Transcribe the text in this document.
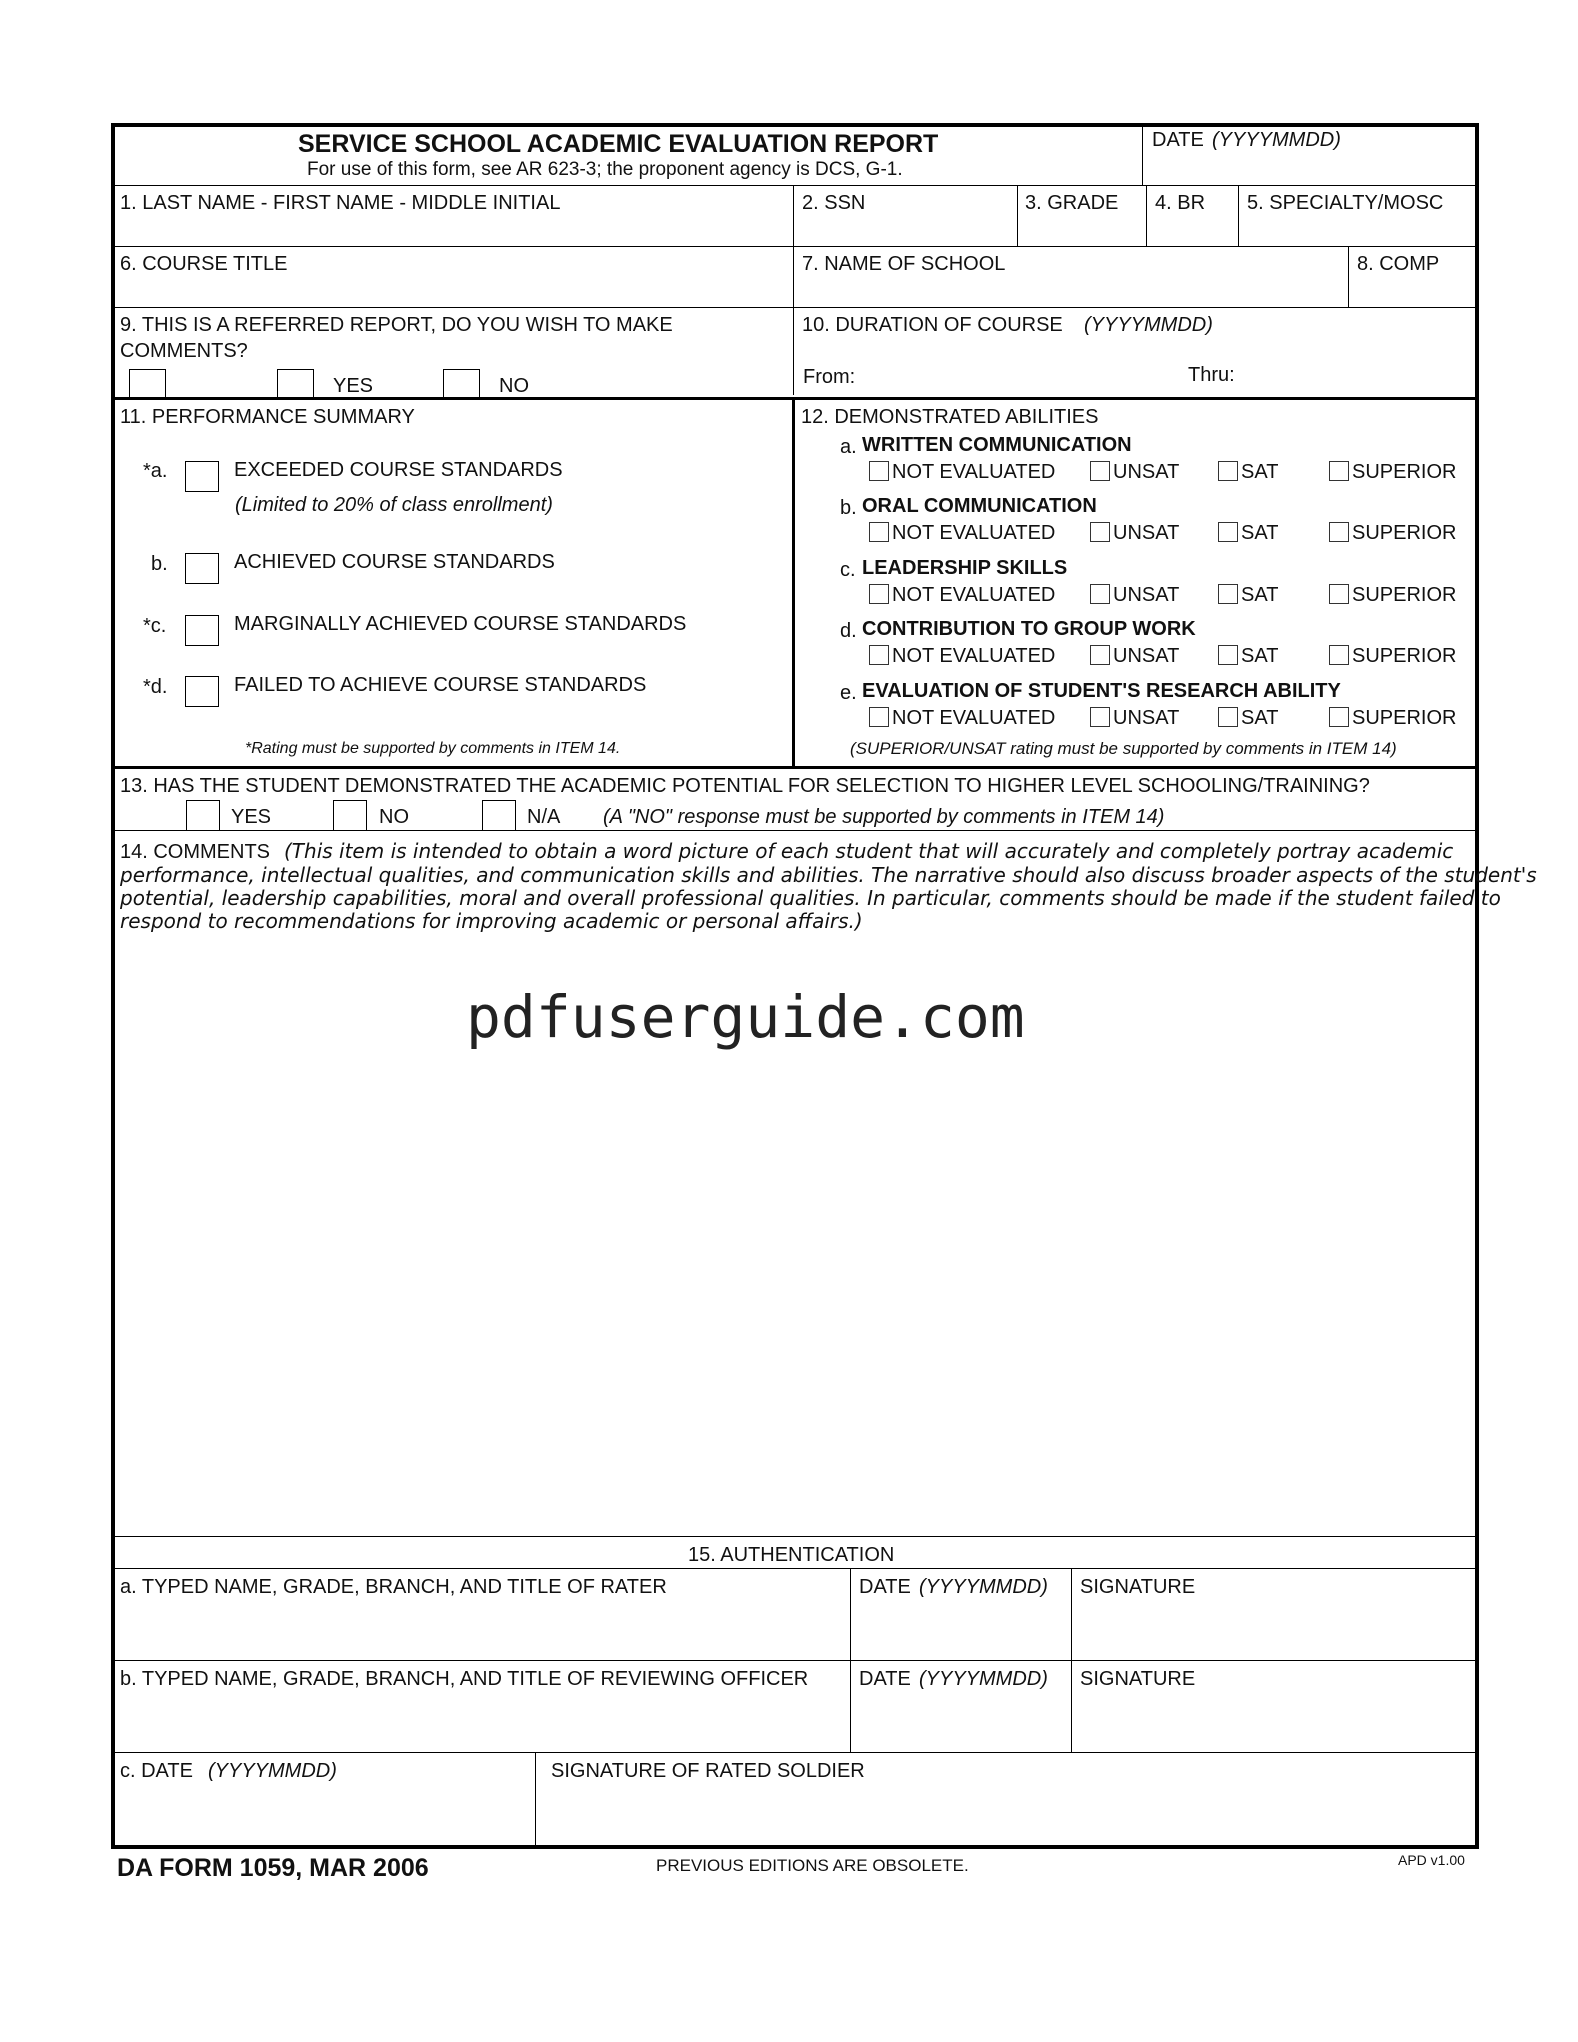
SERVICE SCHOOL ACADEMIC EVALUATION REPORT
For use of this form, see AR 623-3; the proponent agency is DCS, G-1.
DATE (YYYYMMDD)
1. LAST NAME - FIRST NAME - MIDDLE INITIAL	2. SSN	3. GRADE 4. BR 5. SPECIALTY/MOSC
6. COURSE TITLE	7. NAME OF SCHOOL	8. COMP
9. THIS IS A REFERRED REPORT, DO YOU WISH TO MAKE
COMMENTS?
YES	NO
10. DURATION OF COURSE (YYYYMMDD)
From:	Thru:
11. PERFORMANCE SUMMARY
*a.	EXCEEDED COURSE STANDARDS
(Limited to 20% of class enrollment)
b.	ACHIEVED COURSE STANDARDS
*c.	MARGINALLY ACHIEVED COURSE STANDARDS
*d.	FAILED TO ACHIEVE COURSE STANDARDS
*Rating must be supported by comments in ITEM 14.
12. DEMONSTRATED ABILITIES
a. WRITTEN COMMUNICATION
NOT EVALUATED	UNSAT	SAT	SUPERIOR
b. ORAL COMMUNICATION
NOT EVALUATED	UNSAT	SAT	SUPERIOR
c. LEADERSHIP SKILLS
NOT EVALUATED	UNSAT	SAT	SUPERIOR
d. CONTRIBUTION TO GROUP WORK
NOT EVALUATED	UNSAT	SAT	SUPERIOR
e. EVALUATION OF STUDENT'S RESEARCH ABILITY
NOT EVALUATED	UNSAT	SAT	SUPERIOR
(SUPERIOR/UNSAT rating must be supported by comments in ITEM 14)
13. HAS THE STUDENT DEMONSTRATED THE ACADEMIC POTENTIAL FOR SELECTION TO HIGHER LEVEL SCHOOLING/TRAINING?
YES	NO	N/A (A "NO" response must be supported by comments in ITEM 14)
14. COMMENTS (This item is intended to obtain a word picture of each student that will accurately and completely portray academic
performance, intellectual qualities, and communication skills and abilities. The narrative should also discuss broader aspects of the student's
potential, leadership capabilities, moral and overall professional qualities. In particular, comments should be made if the student failed to
respond to recommendations for improving academic or personal affairs.)
pdfuserguide.com
15. AUTHENTICATION
a. TYPED NAME, GRADE, BRANCH, AND TITLE OF RATER	DATE (YYYYMMDD) SIGNATURE
b. TYPED NAME, GRADE, BRANCH, AND TITLE OF REVIEWING OFFICER	DATE (YYYYMMDD) SIGNATURE
c. DATE (YYYYMMDD)	SIGNATURE OF RATED SOLDIER
DA FORM 1059, MAR 2006	PREVIOUS EDITIONS ARE OBSOLETE.	APD v1.00
